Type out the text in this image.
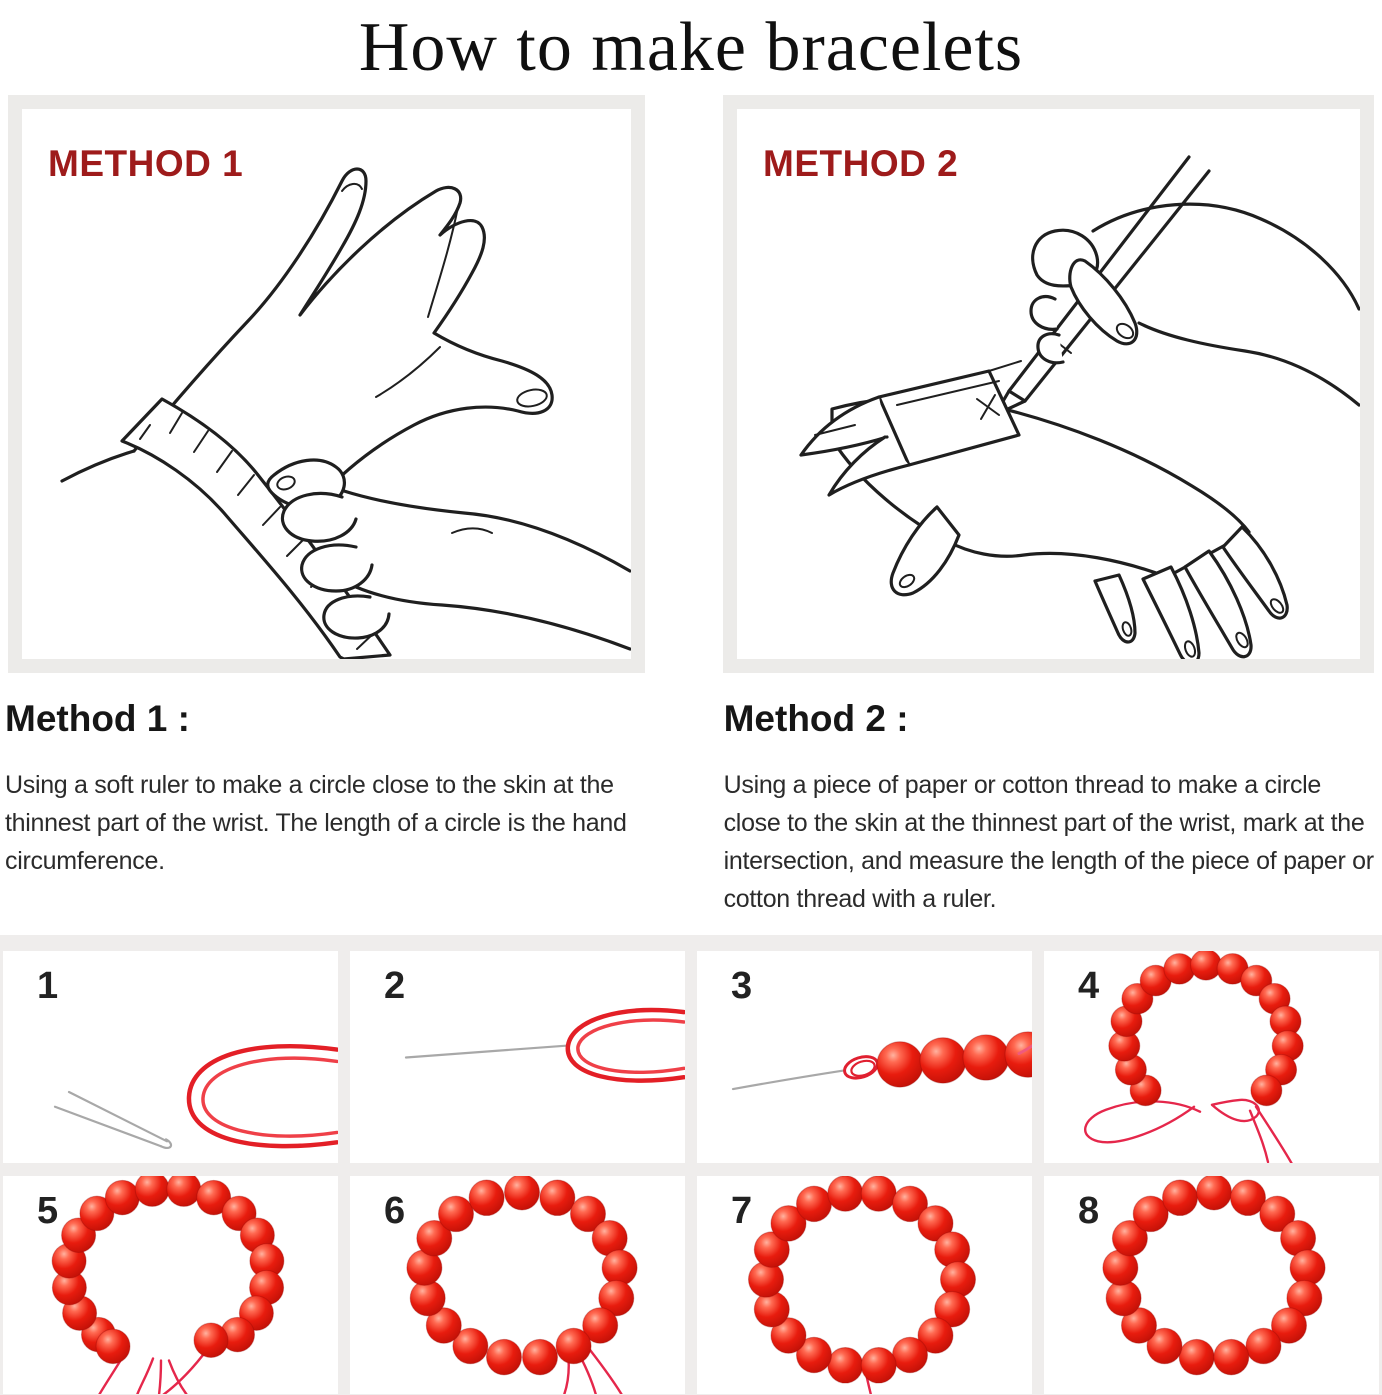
How to make bracelets
METHOD 1	METHOD 2
Method 1 :

Using a soft ruler to make a circle close to the skin at the thinnest part of the wrist. The length of a circle is the hand circumference.

Method 2 :

Using a piece of paper or cotton thread to make a circle close to the skin at the thinnest part of the wrist, mark at the intersection, and measure the length of the piece of paper or cotton thread with a ruler.

1	2	3	4
5	6	7	8
